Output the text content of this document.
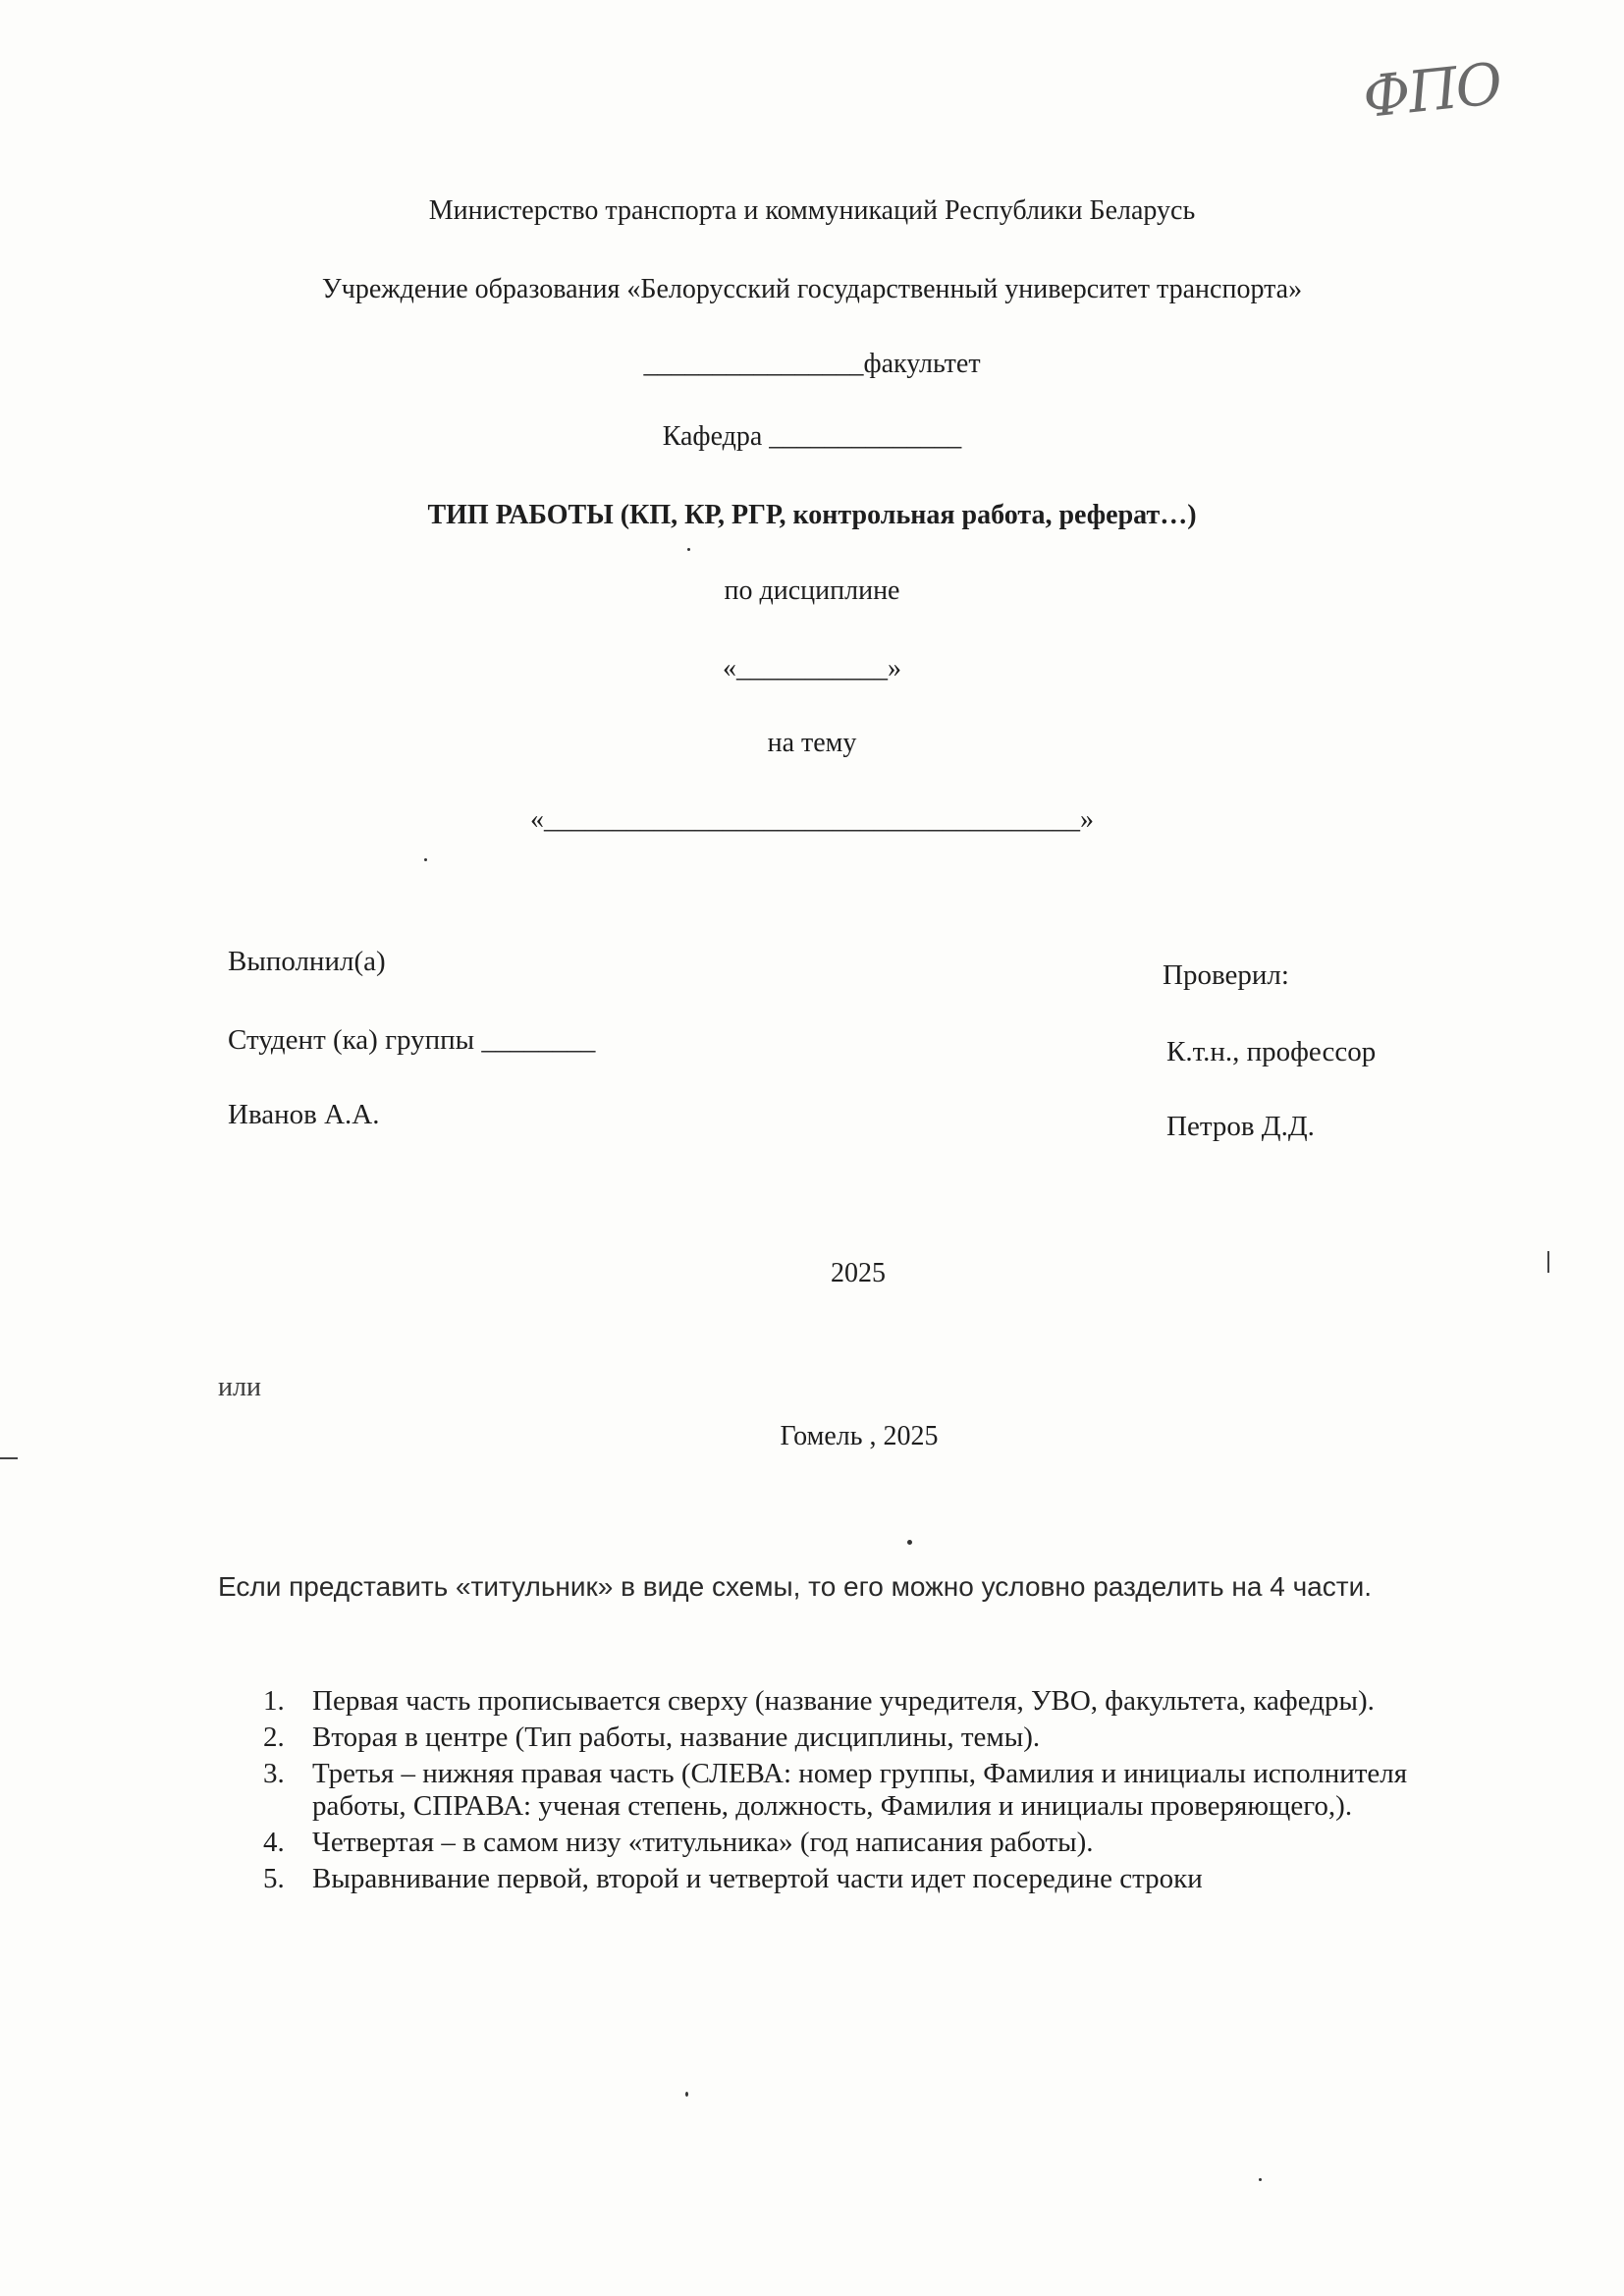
ФПО
Министерство транспорта и коммуникаций Республики Беларусь
Учреждение образования «Белорусский государственный университет транспорта»
________________факультет
Кафедра ______________
ТИП РАБОТЫ (КП, КР, РГР, контрольная работа, реферат…)
по дисциплине
«___________»
на тему
«_______________________________________»
Выполнил(а)
Студент (ка) группы ________
Иванов А.А.
Проверил:
К.т.н., профессор
Петров Д.Д.
2025
или
Гомель , 2025
Если представить «титульник» в виде схемы, то его можно условно разделить на 4 части.
1. Первая часть прописывается сверху (название учредителя, УВО, факультета, кафедры).
2. Вторая в центре (Тип работы, название дисциплины, темы).
3. Третья – нижняя правая часть (СЛЕВА: номер группы, Фамилия и инициалы исполнителя работы, СПРАВА: ученая степень, должность, Фамилия и инициалы проверяющего,).
4. Четвертая – в самом низу «титульника» (год написания работы).
5. Выравнивание первой, второй и четвертой части идет посередине строки
